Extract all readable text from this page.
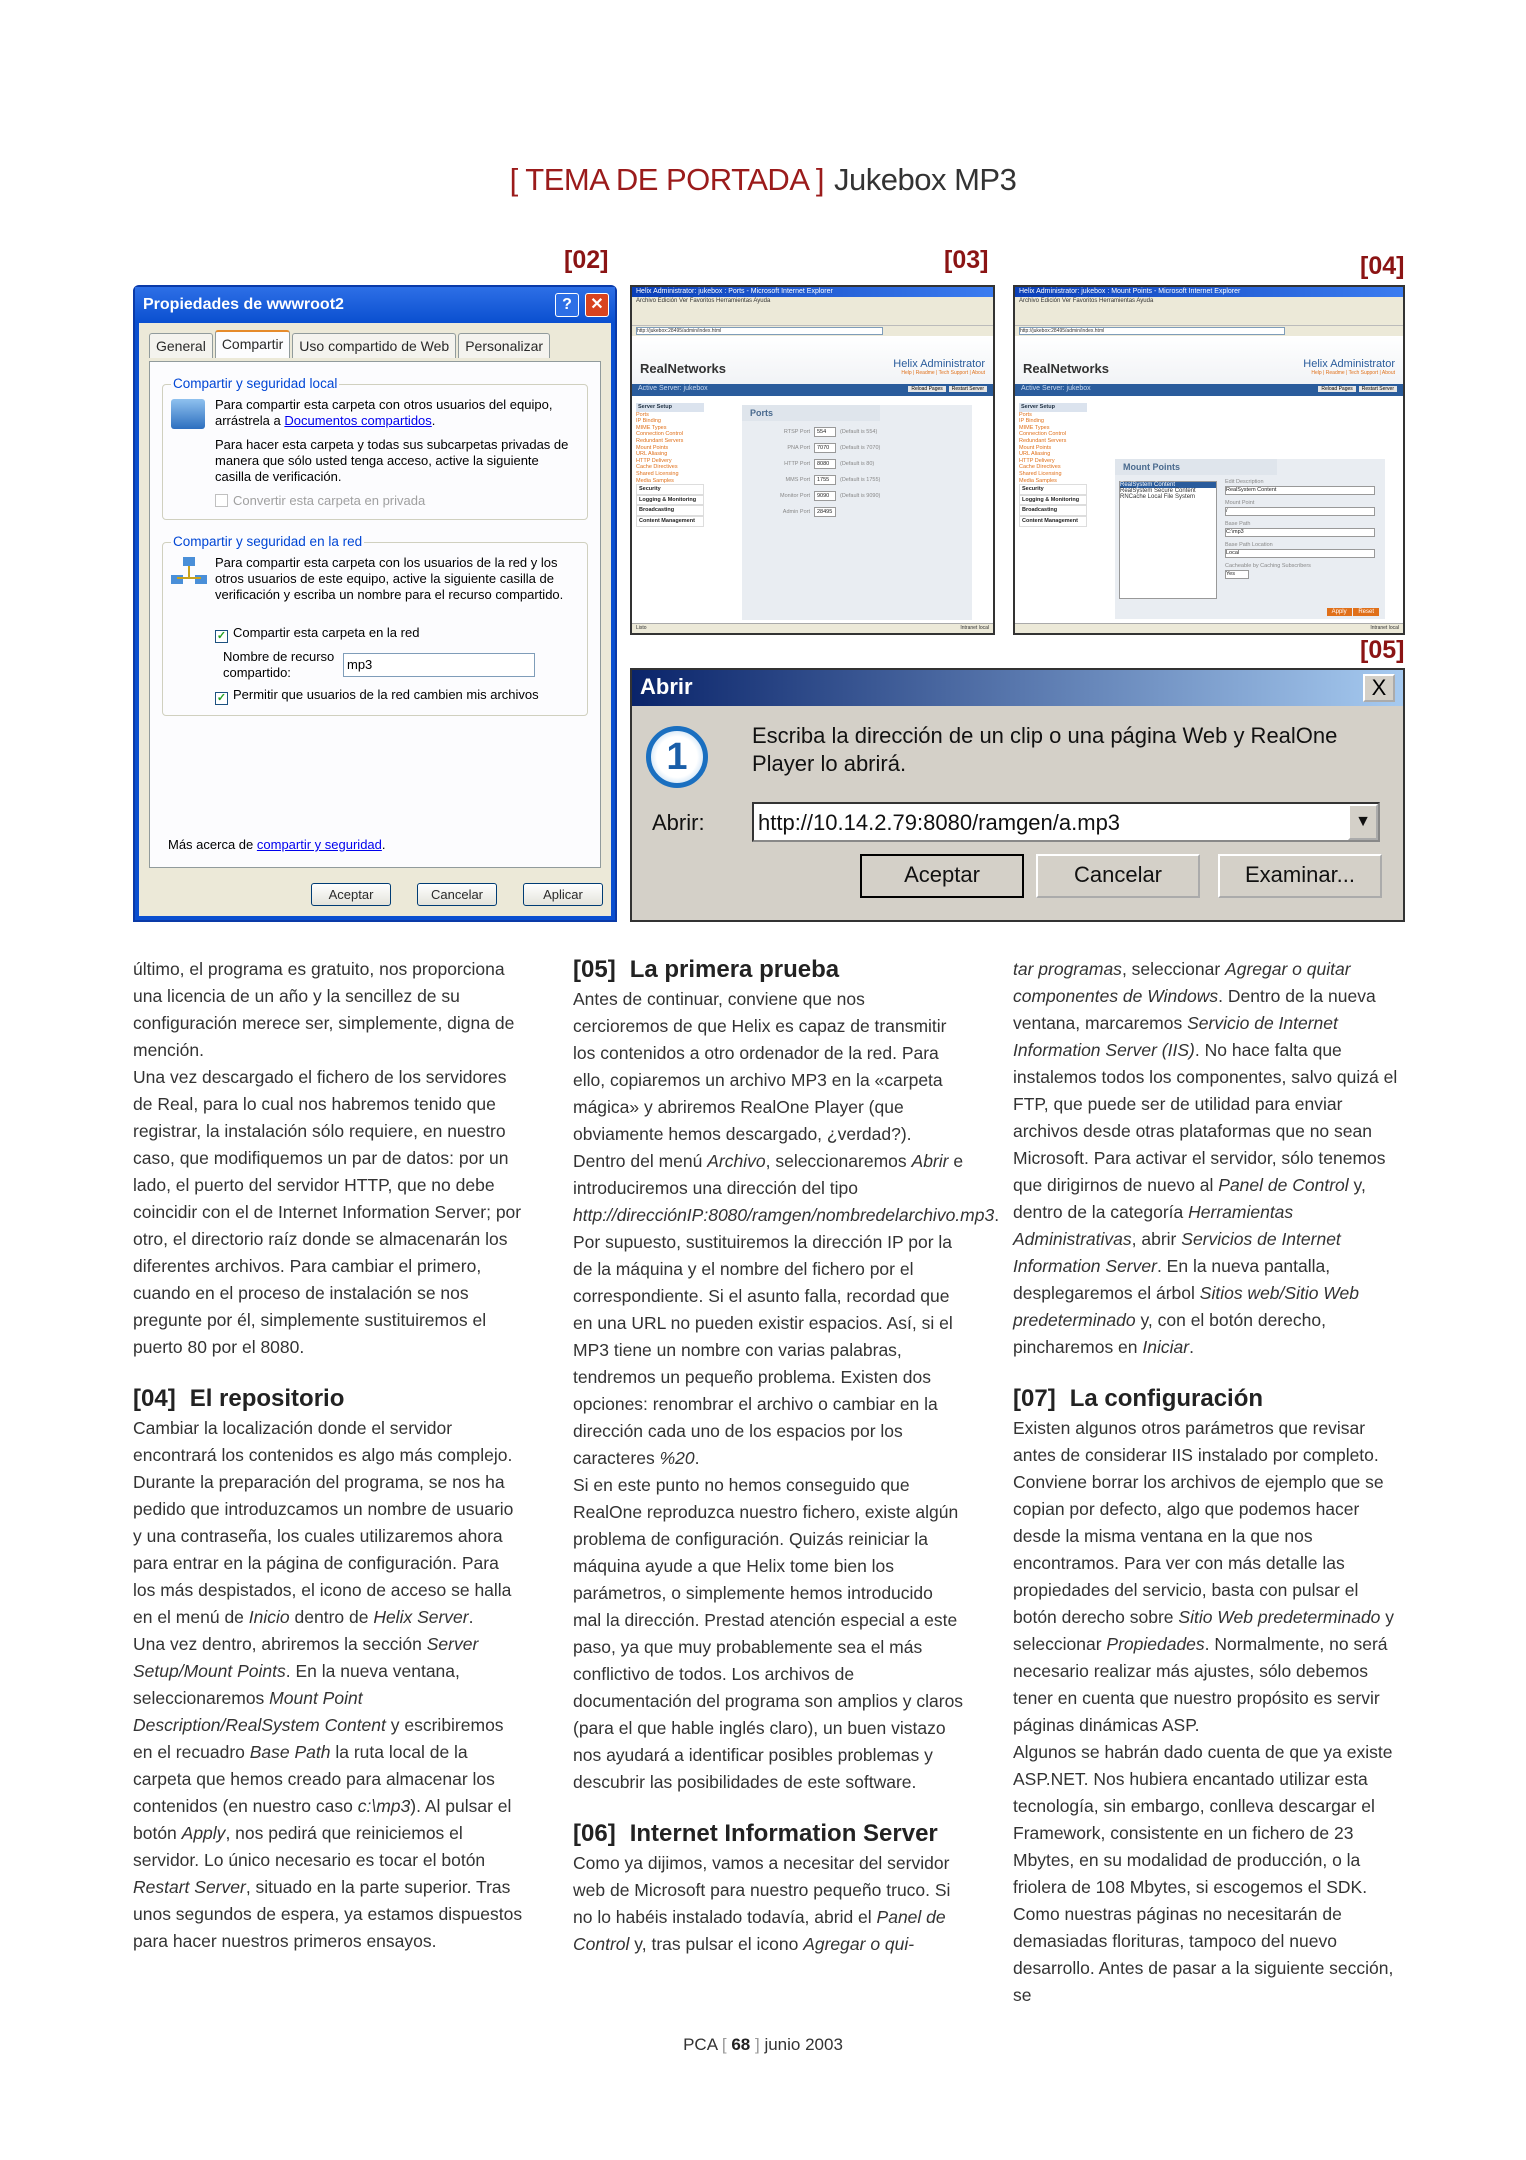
[ TEMA DE PORTADA ] Jukebox MP3
[02]	[03]	[04]
[05]
Propiedades de wwwroot2	?	✕
General	Compartir	Uso compartido de Web	Personalizar
Compartir y seguridad local
Para compartir esta carpeta con otros usuarios del equipo, arrástrela a Documentos compartidos.
Para hacer esta carpeta y todas sus subcarpetas privadas de manera que sólo usted tenga acceso, active la siguiente casilla de verificación.
Convertir esta carpeta en privada
Compartir y seguridad en la red
Para compartir esta carpeta con los usuarios de la red y los otros usuarios de este equipo, active la siguiente casilla de verificación y escriba un nombre para el recurso compartido.
✓ Compartir esta carpeta en la red
Nombre de recurso compartido:
mp3
✓ Permitir que usuarios de la red cambien mis archivos
Más acerca de compartir y seguridad.
Aceptar	Cancelar	Aplicar
Helix Administrator: jukebox : Ports - Microsoft Internet Explorer
Archivo Edición Ver Favoritos Herramientas Ayuda
http://jukebox:28495/admin/index.html
RealNetworks	Helix Administrator
Help | Readme | Tech Support | About
Active Server: jukebox	Reload Pages Restart Server
Server Setup
Ports
IP Binding
MIME Types
Connection Control
Redundant Servers
Mount Points
URL Aliasing
HTTP Delivery
Cache Directives
Shared Licensing
Media Samples
Security
Logging & Monitoring
Broadcasting
Content Management
Ports
RTSP Port	554	(Default is 554)
PNA Port	7070	(Default is 7070)
HTTP Port	8080	(Default is 80)
MMS Port	1755	(Default is 1755)
Monitor Port	9090	(Default is 9090)
Admin Port	28495
Listo	Intranet local
Helix Administrator: jukebox : Mount Points - Microsoft Internet Explorer
Archivo Edición Ver Favoritos Herramientas Ayuda
http://jukebox:28495/admin/index.html
RealNetworks	Helix Administrator
Help | Readme | Tech Support | About
Active Server: jukebox	Reload Pages Restart Server
Server Setup
Ports
IP Binding
MIME Types
Connection Control
Redundant Servers
Mount Points
URL Aliasing
HTTP Delivery
Cache Directives
Shared Licensing
Media Samples
Security
Logging & Monitoring
Broadcasting
Content Management
Mount Points
RealSystem Content
RealSystem Secure Content
RNCache Local File System
Edit Description
RealSystem Content
Mount Point
/
Base Path
C:\mp3
Base Path Location
Local
Cacheable by Caching Subscribers
Yes
Apply Reset
Intranet local
Abrir	X
1
Escriba la dirección de un clip o una página Web y RealOne Player lo abrirá.
Abrir: http://10.14.2.79:8080/ramgen/a.mp3	▼
Aceptar	Cancelar	Examinar...

último, el programa es gratuito, nos proporciona una licencia de un año y la sencillez de su configuración merece ser, simplemente, digna de mención.

Una vez descargado el fichero de los servidores de Real, para lo cual nos habremos tenido que registrar, la instalación sólo requiere, en nuestro caso, que modifiquemos un par de datos: por un lado, el puerto del servidor HTTP, que no debe coincidir con el de Internet Information Server; por otro, el directorio raíz donde se almacenarán los diferentes archivos. Para cambiar el primero, cuando en el proceso de instalación se nos pregunte por él, simplemente sustituiremos el puerto 80 por el 8080.

[04] El repositorio

Cambiar la localización donde el servidor encontrará los contenidos es algo más complejo. Durante la preparación del programa, se nos ha pedido que introduzcamos un nombre de usuario y una contraseña, los cuales utilizaremos ahora para entrar en la página de configuración. Para los más despistados, el icono de acceso se halla en el menú de Inicio dentro de Helix Server.

Una vez dentro, abriremos la sección Server Setup/Mount Points. En la nueva ventana, seleccionaremos Mount Point Description/RealSystem Content y escribiremos en el recuadro Base Path la ruta local de la carpeta que hemos creado para almacenar los contenidos (en nuestro caso c:\mp3). Al pulsar el botón Apply, nos pedirá que reiniciemos el servidor. Lo único necesario es tocar el botón Restart Server, situado en la parte superior. Tras unos segundos de espera, ya estamos dispuestos para hacer nuestros primeros ensayos.

[05] La primera prueba

Antes de continuar, conviene que nos cercioremos de que Helix es capaz de transmitir los contenidos a otro ordenador de la red. Para ello, copiaremos un archivo MP3 en la «carpeta mágica» y abriremos RealOne Player (que obviamente hemos descargado, ¿verdad?). Dentro del menú Archivo, seleccionaremos Abrir e introduciremos una dirección del tipo http://direcciónIP:8080/ramgen/nombredelarchivo.mp3. Por supuesto, sustituiremos la dirección IP por la de la máquina y el nombre del fichero por el correspondiente. Si el asunto falla, recordad que en una URL no pueden existir espacios. Así, si el MP3 tiene un nombre con varias palabras, tendremos un pequeño problema. Existen dos opciones: renombrar el archivo o cambiar en la dirección cada uno de los espacios por los caracteres %20.

Si en este punto no hemos conseguido que RealOne reproduzca nuestro fichero, existe algún problema de configuración. Quizás reiniciar la máquina ayude a que Helix tome bien los parámetros, o simplemente hemos introducido mal la dirección. Prestad atención especial a este paso, ya que muy probablemente sea el más conflictivo de todos. Los archivos de documentación del programa son amplios y claros (para el que hable inglés claro), un buen vistazo nos ayudará a identificar posibles problemas y descubrir las posibilidades de este software.

[06] Internet Information Server

Como ya dijimos, vamos a necesitar del servidor web de Microsoft para nuestro pequeño truco. Si no lo habéis instalado todavía, abrid el Panel de Control y, tras pulsar el icono Agregar o qui-

tar programas, seleccionar Agregar o quitar componentes de Windows. Dentro de la nueva ventana, marcaremos Servicio de Internet Information Server (IIS). No hace falta que instalemos todos los componentes, salvo quizá el FTP, que puede ser de utilidad para enviar archivos desde otras plataformas que no sean Microsoft. Para activar el servidor, sólo tenemos que dirigirnos de nuevo al Panel de Control y, dentro de la categoría Herramientas Administrativas, abrir Servicios de Internet Information Server. En la nueva pantalla, desplegaremos el árbol Sitios web/Sitio Web predeterminado y, con el botón derecho, pincharemos en Iniciar.

[07] La configuración

Existen algunos otros parámetros que revisar antes de considerar IIS instalado por completo. Conviene borrar los archivos de ejemplo que se copian por defecto, algo que podemos hacer desde la misma ventana en la que nos encontramos. Para ver con más detalle las propiedades del servicio, basta con pulsar el botón derecho sobre Sitio Web predeterminado y seleccionar Propiedades. Normalmente, no será necesario realizar más ajustes, sólo debemos tener en cuenta que nuestro propósito es servir páginas dinámicas ASP.

Algunos se habrán dado cuenta de que ya existe ASP.NET. Nos hubiera encantado utilizar esta tecnología, sin embargo, conlleva descargar el Framework, consistente en un fichero de 23 Mbytes, en su modalidad de producción, o la friolera de 108 Mbytes, si escogemos el SDK. Como nuestras páginas no necesitarán de demasiadas florituras, tampoco del nuevo desarrollo. Antes de pasar a la siguiente sección, se

PCA [ 68 ] junio 2003
